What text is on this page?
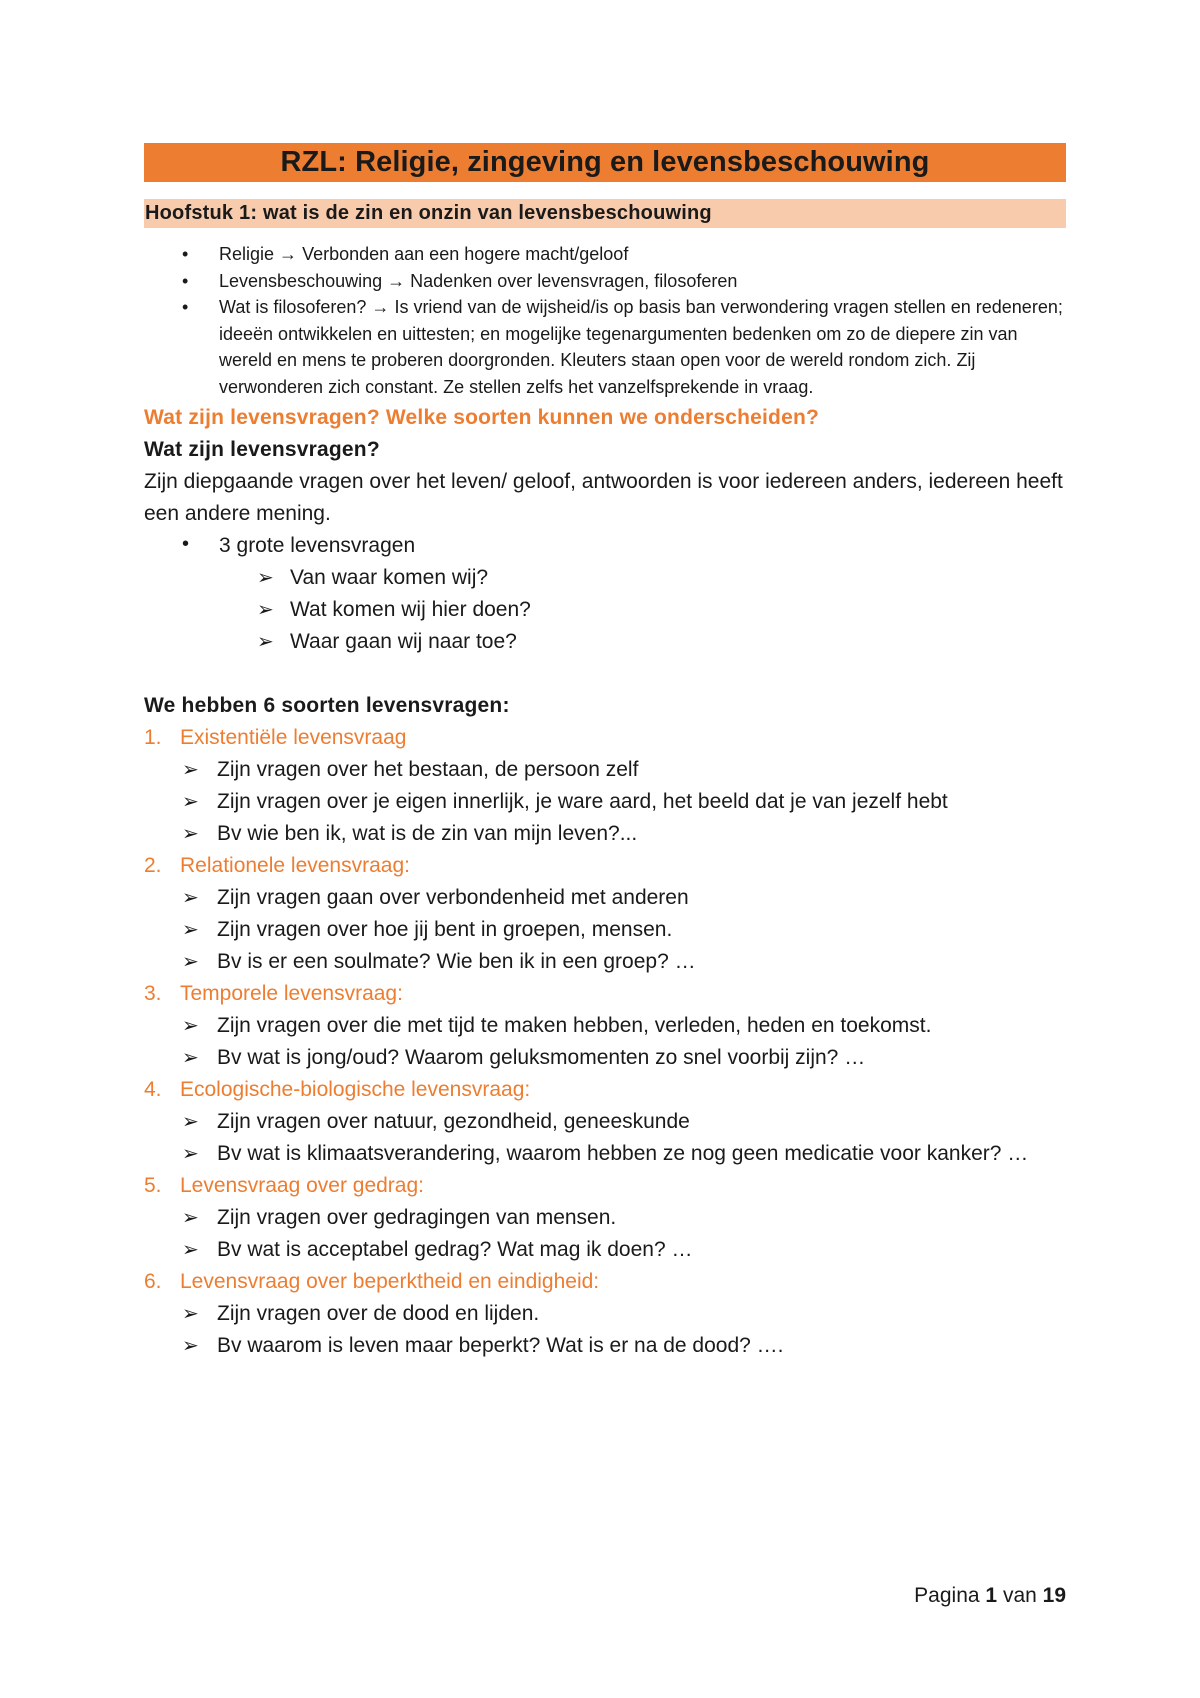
RZL: Religie, zingeving en levensbeschouwing
Hoofstuk 1: wat is de zin en onzin van levensbeschouwing
• Religie → Verbonden aan een hogere macht/geloof
• Levensbeschouwing → Nadenken over levensvragen, filosoferen
• Wat is filosoferen? → Is vriend van de wijsheid/is op basis ban verwondering vragen stellen en redeneren; ideeën ontwikkelen en uittesten; en mogelijke tegenargumenten bedenken om zo de diepere zin van wereld en mens te proberen doorgronden. Kleuters staan open voor de wereld rondom zich. Zij verwonderen zich constant. Ze stellen zelfs het vanzelfsprekende in vraag.
Wat zijn levensvragen? Welke soorten kunnen we onderscheiden?
Wat zijn levensvragen?
Zijn diepgaande vragen over het leven/ geloof, antwoorden is voor iedereen anders, iedereen heeft een andere mening.
• 3 grote levensvragen
➢ Van waar komen wij?
➢ Wat komen wij hier doen?
➢ Waar gaan wij naar toe?
We hebben 6 soorten levensvragen:
1. Existentiële levensvraag
➢ Zijn vragen over het bestaan, de persoon zelf
➢ Zijn vragen over je eigen innerlijk, je ware aard, het beeld dat je van jezelf hebt
➢ Bv wie ben ik, wat is de zin van mijn leven?...
2. Relationele levensvraag:
➢ Zijn vragen gaan over verbondenheid met anderen
➢ Zijn vragen over hoe jij bent in groepen, mensen.
➢ Bv is er een soulmate? Wie ben ik in een groep? …
3. Temporele levensvraag:
➢ Zijn vragen over die met tijd te maken hebben, verleden, heden en toekomst.
➢ Bv wat is jong/oud? Waarom geluksmomenten zo snel voorbij zijn? …
4. Ecologische-biologische levensvraag:
➢ Zijn vragen over natuur, gezondheid, geneeskunde
➢ Bv wat is klimaatsverandering, waarom hebben ze nog geen medicatie voor kanker? …
5. Levensvraag over gedrag:
➢ Zijn vragen over gedragingen van mensen.
➢ Bv wat is acceptabel gedrag? Wat mag ik doen? …
6. Levensvraag over beperktheid en eindigheid:
➢ Zijn vragen over de dood en lijden.
➢ Bv waarom is leven maar beperkt? Wat is er na de dood? ….
Pagina 1 van 19
